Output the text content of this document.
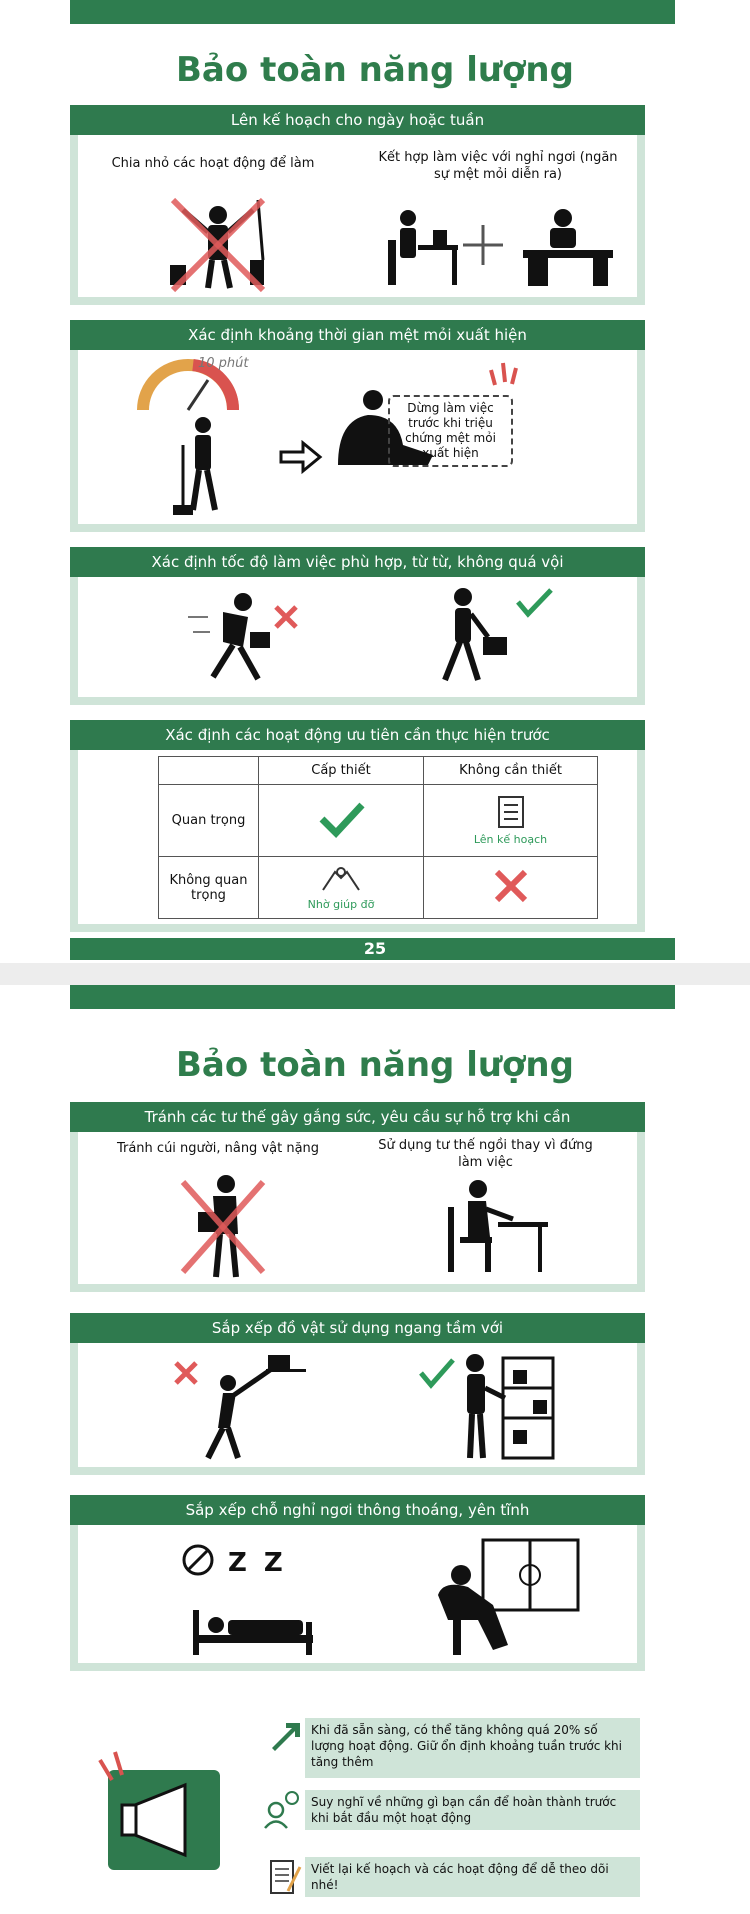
Bảo toàn năng lượng
Lên kế hoạch cho ngày hoặc tuần
Chia nhỏ các hoạt động để làm	Kết hợp làm việc với nghỉ ngơi (ngăn sự mệt mỏi diễn ra)
Xác định khoảng thời gian mệt mỏi xuất hiện
10 phút
Dừng làm việc trước khi triệu chứng mệt mỏi xuất hiện
Xác định tốc độ làm việc phù hợp, từ từ, không quá vội
Xác định các hoạt động ưu tiên cần thực hiện trước
	Cấp thiết	Không cần thiết
Quan trọng		Lên kế hoạch

Không quan trọng	Nhờ giúp đỡ

25
Bảo toàn năng lượng
Tránh các tư thế gây gắng sức, yêu cầu sự hỗ trợ khi cần
Tránh cúi người, nâng vật nặng	Sử dụng tư thế ngồi thay vì đứng làm việc
Sắp xếp đồ vật sử dụng ngang tầm với
Sắp xếp chỗ nghỉ ngơi thông thoáng, yên tĩnh
Z Z
Khi đã sẵn sàng, có thể tăng không quá 20% số lượng hoạt động. Giữ ổn định khoảng tuần trước khi tăng thêm
Suy nghĩ về những gì bạn cần để hoàn thành trước khi bắt đầu một hoạt động
Viết lại kế hoạch và các hoạt động để dễ theo dõi nhé!
